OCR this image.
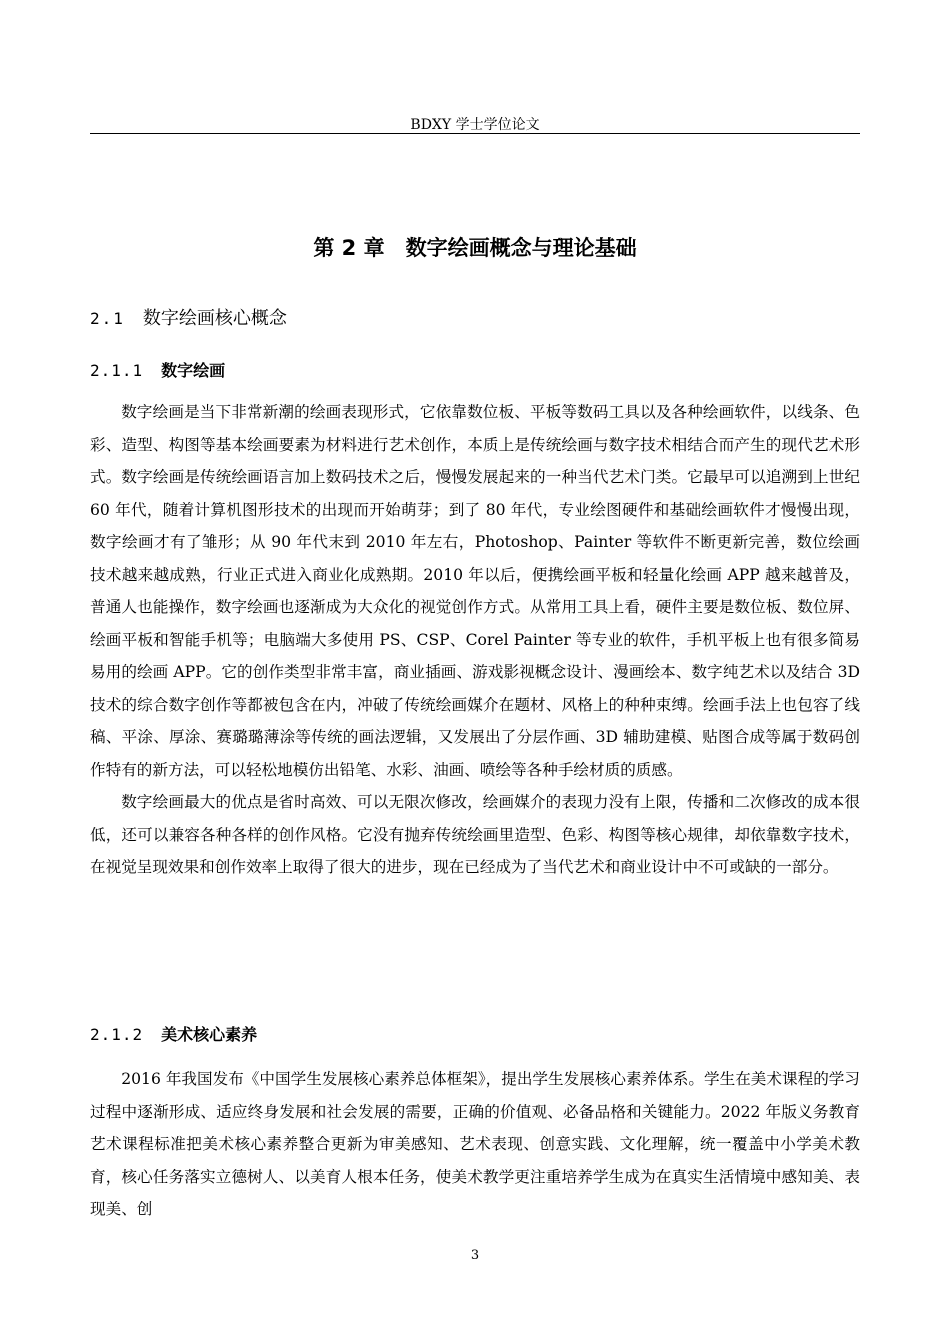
BDXY 学士学位论文
第 2 章　数字绘画概念与理论基础
2.1 数字绘画核心概念
2.1.1 数字绘画

数字绘画是当下非常新潮的绘画表现形式，它依靠数位板、平板等数码工具以及各种绘画软件，以线条、色彩、造型、构图等基本绘画要素为材料进行艺术创作，本质上是传统绘画与数字技术相结合而产生的现代艺术形式。数字绘画是传统绘画语言加上数码技术之后，慢慢发展起来的一种当代艺术门类。它最早可以追溯到上世纪 60 年代，随着计算机图形技术的出现而开始萌芽；到了 80 年代，专业绘图硬件和基础绘画软件才慢慢出现，数字绘画才有了雏形；从 90 年代末到 2010 年左右，Photoshop、Painter 等软件不断更新完善，数位绘画技术越来越成熟，行业正式进入商业化成熟期。2010 年以后，便携绘画平板和轻量化绘画 APP 越来越普及，普通人也能操作，数字绘画也逐渐成为大众化的视觉创作方式。从常用工具上看，硬件主要是数位板、数位屏、绘画平板和智能手机等；电脑端大多使用 PS、CSP、Corel Painter 等专业的软件，手机平板上也有很多简易易用的绘画 APP。它的创作类型非常丰富，商业插画、游戏影视概念设计、漫画绘本、数字纯艺术以及结合 3D 技术的综合数字创作等都被包含在内，冲破了传统绘画媒介在题材、风格上的种种束缚。绘画手法上也包容了线稿、平涂、厚涂、赛璐璐薄涂等传统的画法逻辑，又发展出了分层作画、3D 辅助建模、贴图合成等属于数码创作特有的新方法，可以轻松地模仿出铅笔、水彩、油画、喷绘等各种手绘材质的质感。

数字绘画最大的优点是省时高效、可以无限次修改，绘画媒介的表现力没有上限，传播和二次修改的成本很低，还可以兼容各种各样的创作风格。它没有抛弃传统绘画里造型、色彩、构图等核心规律，却依靠数字技术，在视觉呈现效果和创作效率上取得了很大的进步，现在已经成为了当代艺术和商业设计中不可或缺的一部分。

2.1.2 美术核心素养

2016 年我国发布《中国学生发展核心素养总体框架》，提出学生发展核心素养体系。学生在美术课程的学习过程中逐渐形成、适应终身发展和社会发展的需要，正确的价值观、必备品格和关键能力。2022 年版义务教育艺术课程标准把美术核心素养整合更新为审美感知、艺术表现、创意实践、文化理解，统一覆盖中小学美术教育，核心任务落实立德树人、以美育人根本任务，使美术教学更注重培养学生成为在真实生活情境中感知美、表现美、创

3
